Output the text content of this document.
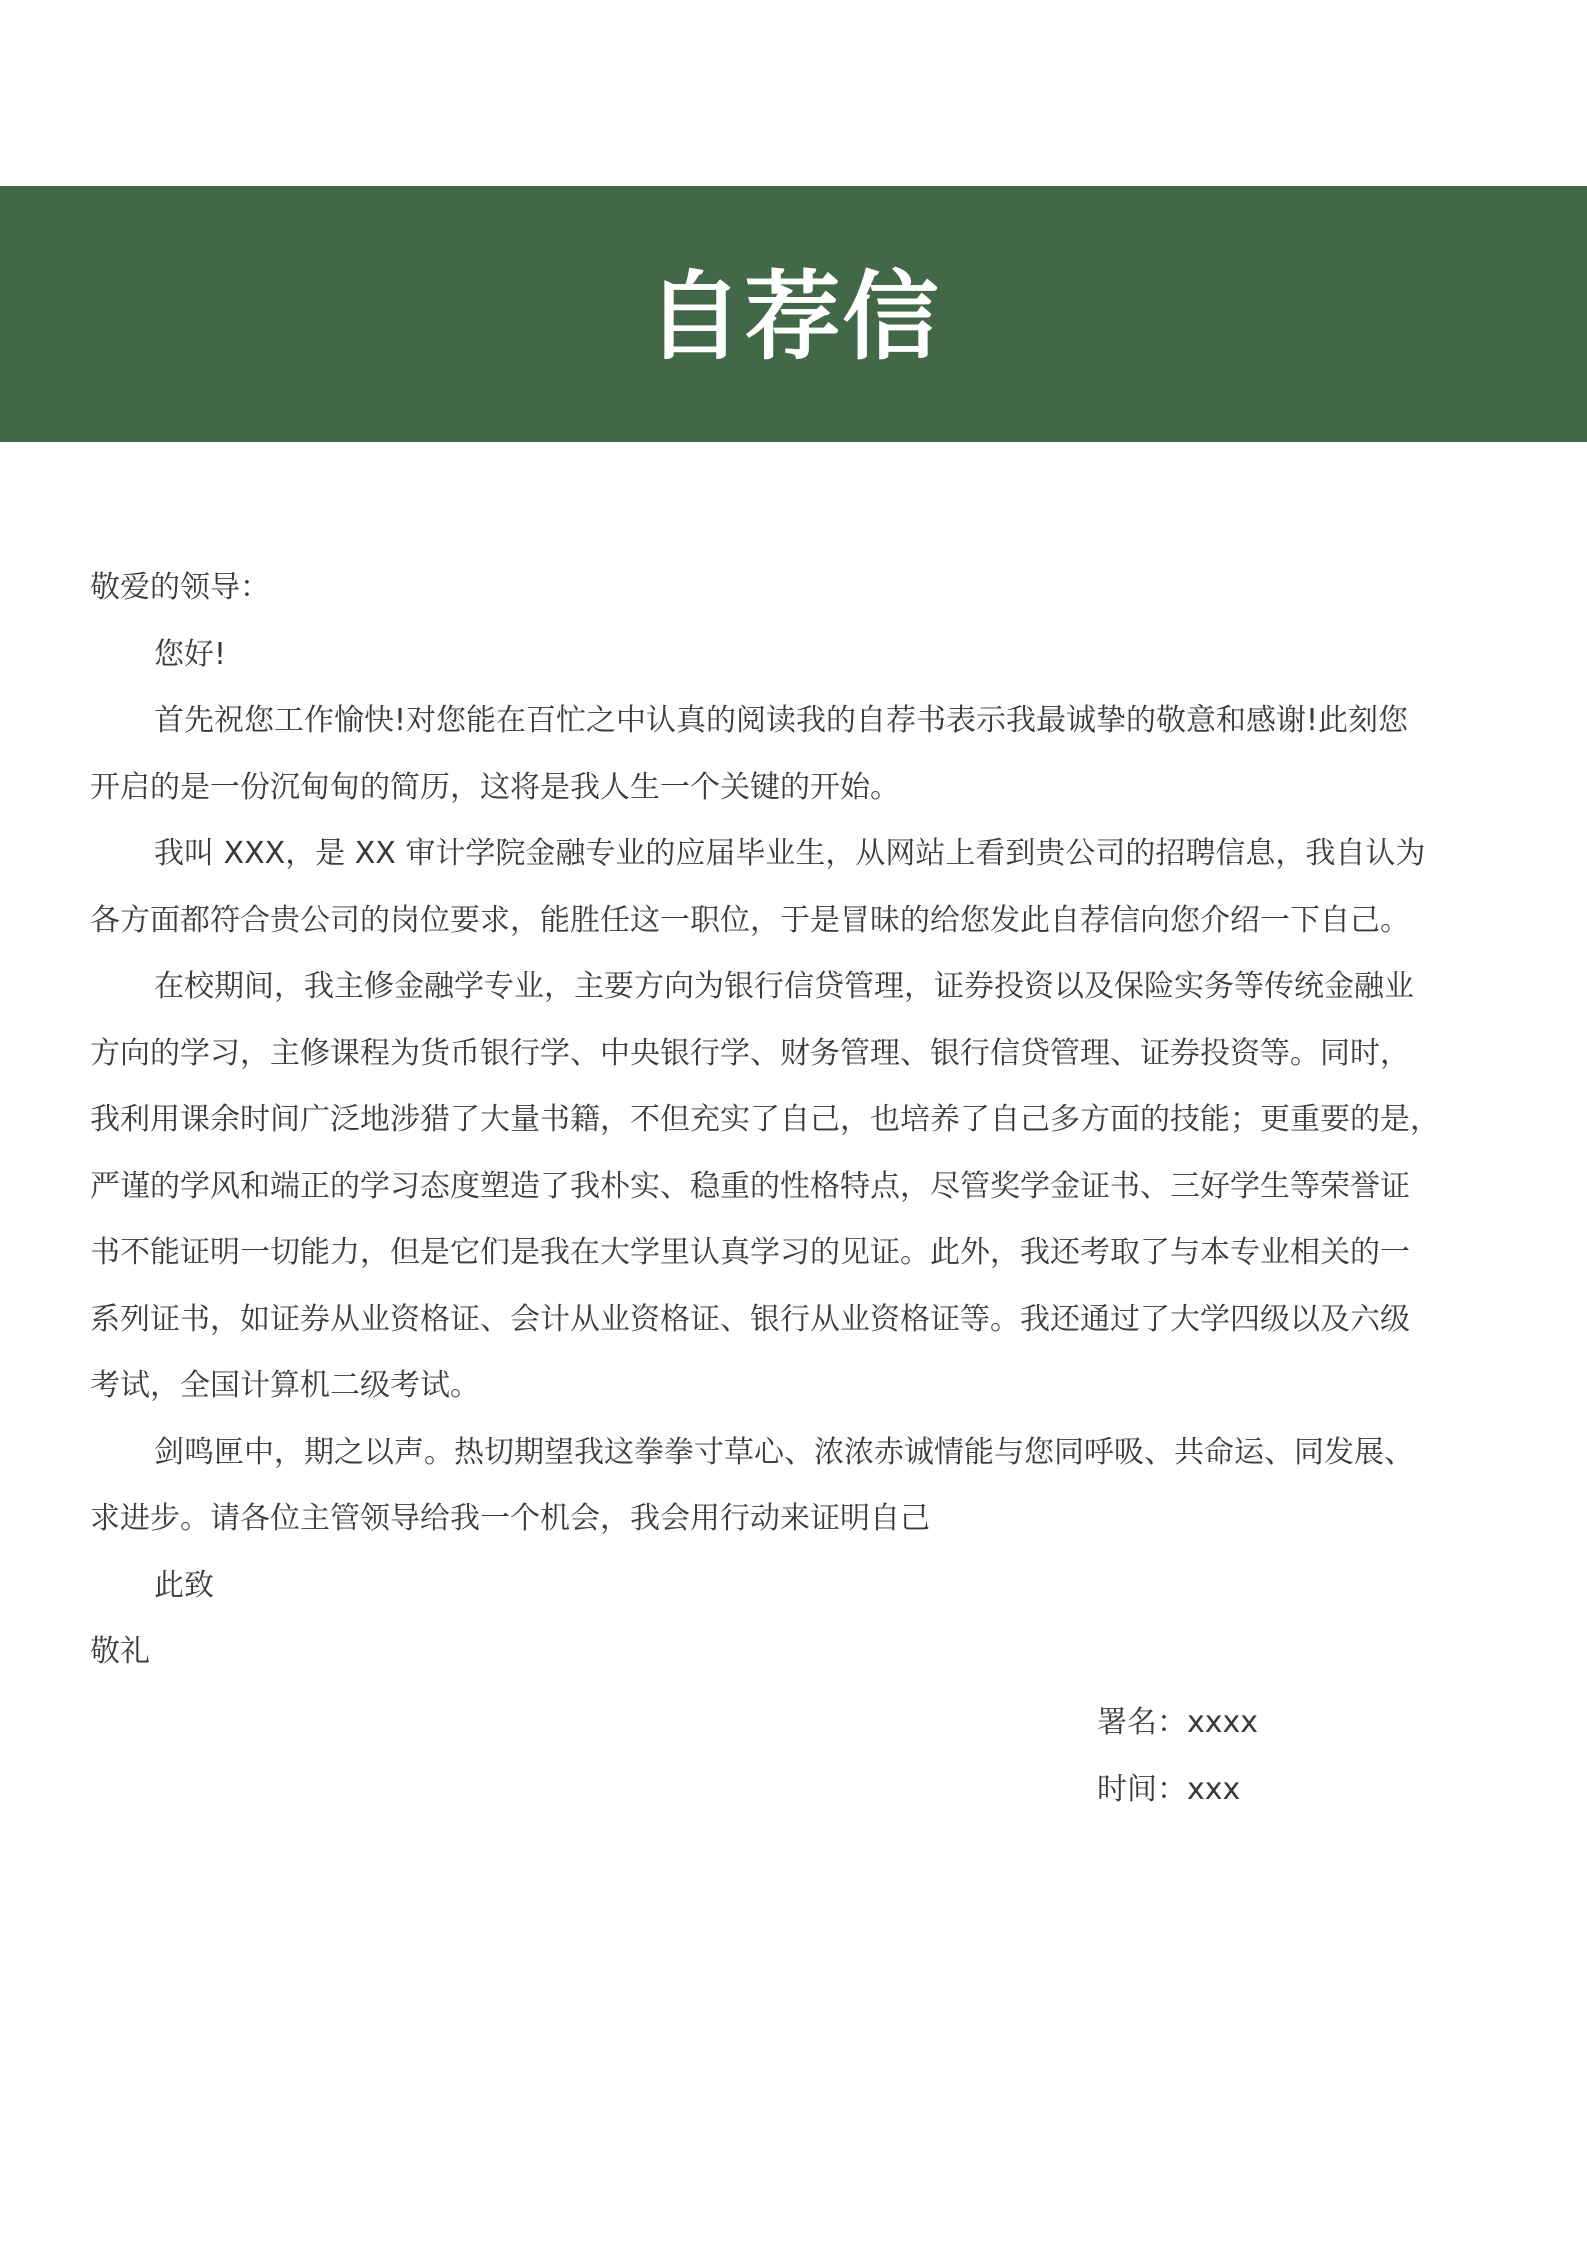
自荐信
敬爱的领导：
您好!
首先祝您工作愉快!对您能在百忙之中认真的阅读我的自荐书表示我最诚挚的敬意和感谢!此刻您
开启的是一份沉甸甸的简历，这将是我人生一个关键的开始。
我叫 XXX，是 XX 审计学院金融专业的应届毕业生，从网站上看到贵公司的招聘信息，我自认为
各方面都符合贵公司的岗位要求，能胜任这一职位，于是冒昧的给您发此自荐信向您介绍一下自己。
在校期间，我主修金融学专业，主要方向为银行信贷管理，证券投资以及保险实务等传统金融业
方向的学习，主修课程为货币银行学、中央银行学、财务管理、银行信贷管理、证券投资等。同时，
我利用课余时间广泛地涉猎了大量书籍，不但充实了自己，也培养了自己多方面的技能；更重要的是，
严谨的学风和端正的学习态度塑造了我朴实、稳重的性格特点，尽管奖学金证书、三好学生等荣誉证
书不能证明一切能力，但是它们是我在大学里认真学习的见证。此外，我还考取了与本专业相关的一
系列证书，如证券从业资格证、会计从业资格证、银行从业资格证等。我还通过了大学四级以及六级
考试，全国计算机二级考试。
剑鸣匣中，期之以声。热切期望我这拳拳寸草心、浓浓赤诚情能与您同呼吸、共命运、同发展、
求进步。请各位主管领导给我一个机会，我会用行动来证明自己
此致
敬礼
署名：xxxx
时间：xxx
